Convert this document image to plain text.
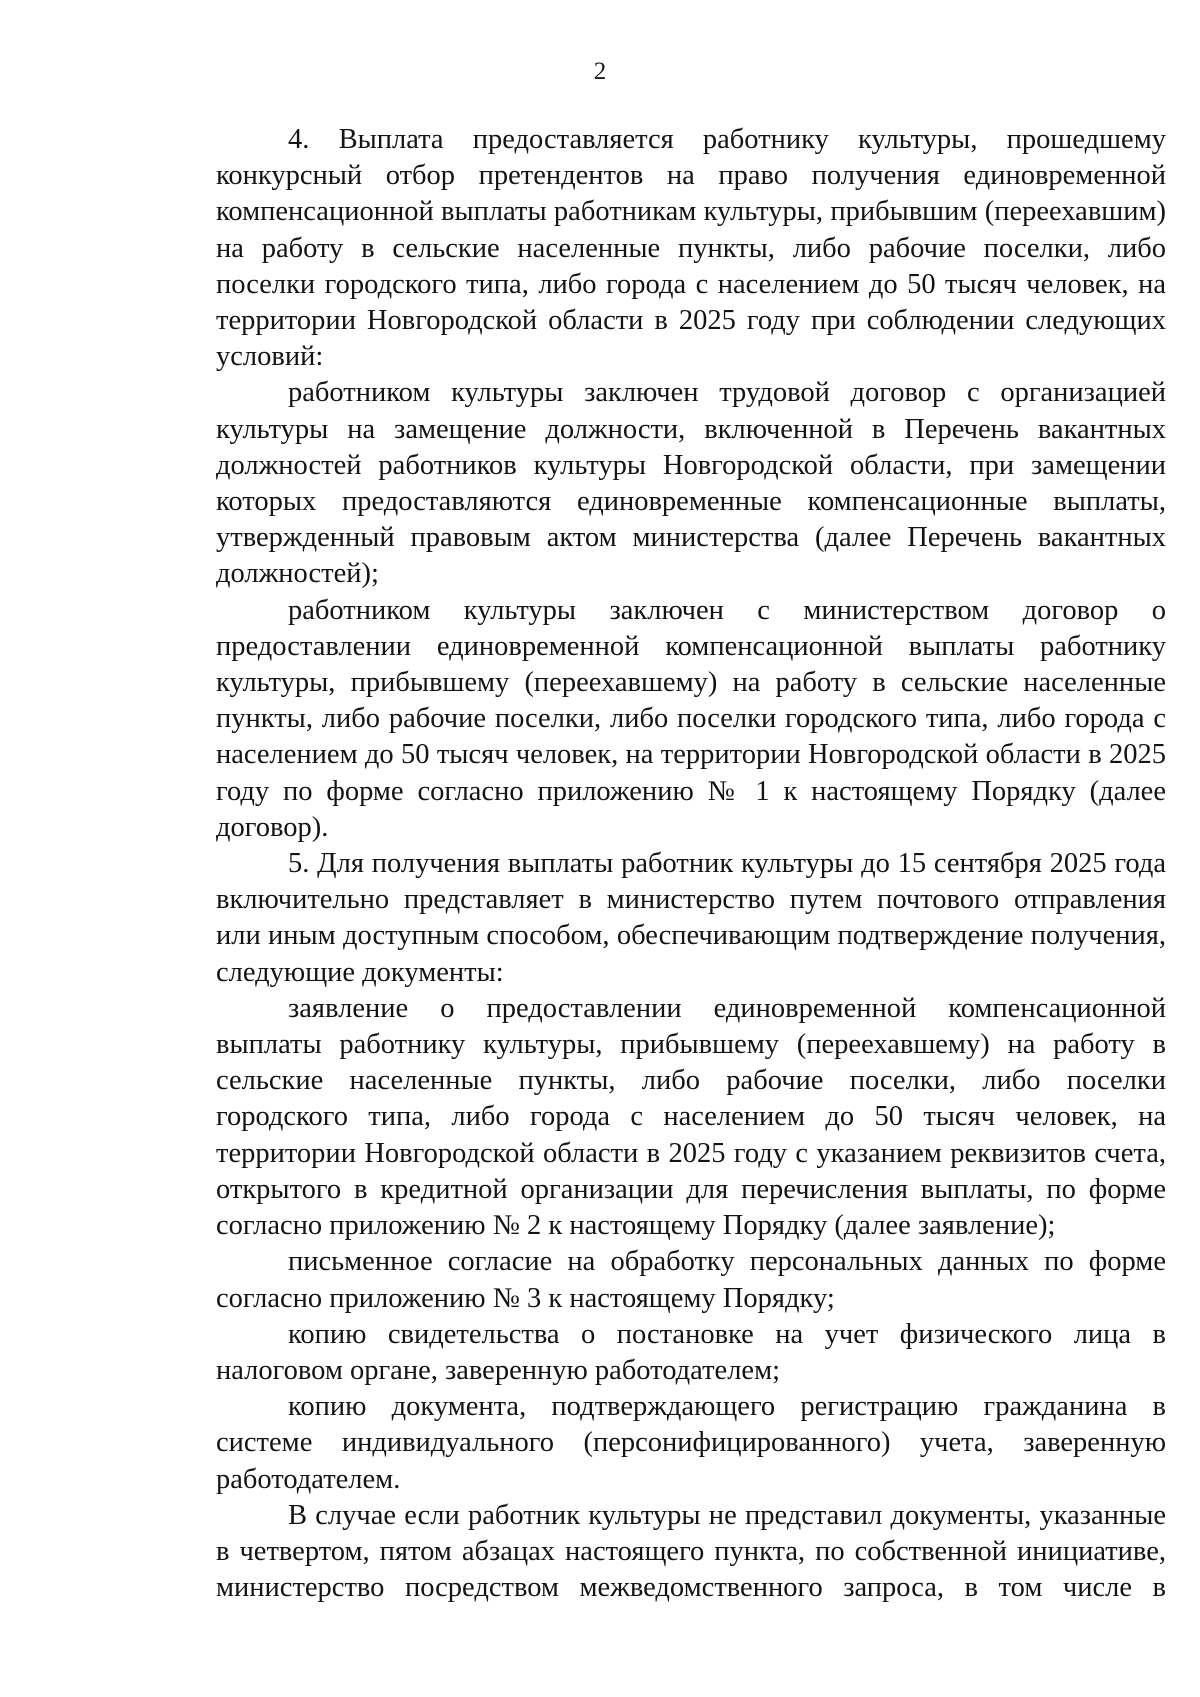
2

4. Выплата предоставляется работнику культуры, прошедшему конкурсный отбор претендентов на право получения единовременной компенсационной выплаты работникам культуры, прибывшим (переехавшим) на работу в сельские населенные пункты, либо рабочие поселки, либо поселки городского типа, либо города с населением до 50 тысяч человек, на территории Новгородской области в 2025 году при соблюдении следующих условий:

работником культуры заключен трудовой договор с организацией культуры на замещение должности, включенной в Перечень вакантных должностей работников культуры Новгородской области, при замещении которых предоставляются единовременные компенсационные выплаты, утвержденный правовым актом министерства (далее Перечень вакантных должностей);

работником культуры заключен с министерством договор о предоставлении единовременной компенсационной выплаты работнику культуры, прибывшему (переехавшему) на работу в сельские населенные пункты, либо рабочие поселки, либо поселки городского типа, либо города с населением до 50 тысяч человек, на территории Новгородской области в 2025 году по форме согласно приложению № 1 к настоящему Порядку (далее договор).

5. Для получения выплаты работник культуры до 15 сентября 2025 года включительно представляет в министерство путем почтового отправления или иным доступным способом, обеспечивающим подтверждение получения, следующие документы:

заявление о предоставлении единовременной компенсационной выплаты работнику культуры, прибывшему (переехавшему) на работу в сельские населенные пункты, либо рабочие поселки, либо поселки городского типа, либо города с населением до 50 тысяч человек, на территории Новгородской области в 2025 году с указанием реквизитов счета, открытого в кредитной организации для перечисления выплаты, по форме согласно приложению № 2 к настоящему Порядку (далее заявление);

письменное согласие на обработку персональных данных по форме согласно приложению № 3 к настоящему Порядку;

копию свидетельства о постановке на учет физического лица в налоговом органе, заверенную работодателем;

копию документа, подтверждающего регистрацию гражданина в системе индивидуального (персонифицированного) учета, заверенную работодателем.

В случае если работник культуры не представил документы, указанные в четвертом, пятом абзацах настоящего пункта, по собственной инициативе, министерство посредством межведомственного запроса, в том числе в
